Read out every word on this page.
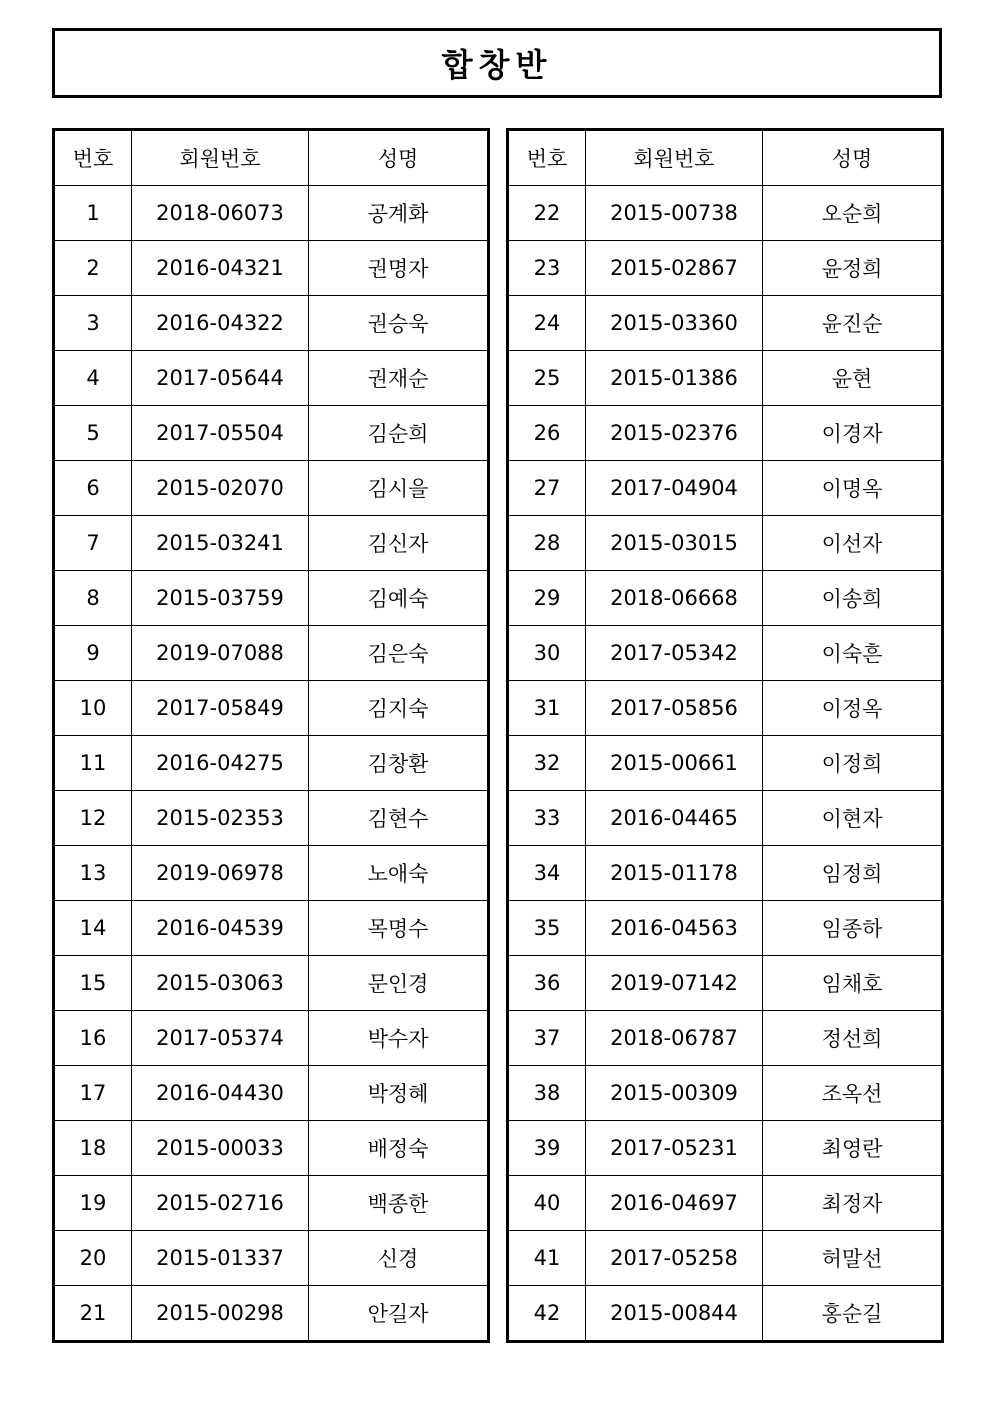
합창반
번호	회원번호	성명
1	2018-06073	공계화
2	2016-04321	권명자
3	2016-04322	권승욱
4	2017-05644	권재순
5	2017-05504	김순희
6	2015-02070	김시을
7	2015-03241	김신자
8	2015-03759	김예숙
9	2019-07088	김은숙
10	2017-05849	김지숙
11	2016-04275	김창환
12	2015-02353	김현수
13	2019-06978	노애숙
14	2016-04539	목명수
15	2015-03063	문인경
16	2017-05374	박수자
17	2016-04430	박정혜
18	2015-00033	배정숙
19	2015-02716	백종한
20	2015-01337	신경
21	2015-00298	안길자
번호	회원번호	성명
22	2015-00738	오순희
23	2015-02867	윤정희
24	2015-03360	윤진순
25	2015-01386	윤현
26	2015-02376	이경자
27	2017-04904	이명옥
28	2015-03015	이선자
29	2018-06668	이송희
30	2017-05342	이숙흔
31	2017-05856	이정옥
32	2015-00661	이정희
33	2016-04465	이현자
34	2015-01178	임정희
35	2016-04563	임종하
36	2019-07142	임채호
37	2018-06787	정선희
38	2015-00309	조옥선
39	2017-05231	최영란
40	2016-04697	최정자
41	2017-05258	허말선
42	2015-00844	홍순길
